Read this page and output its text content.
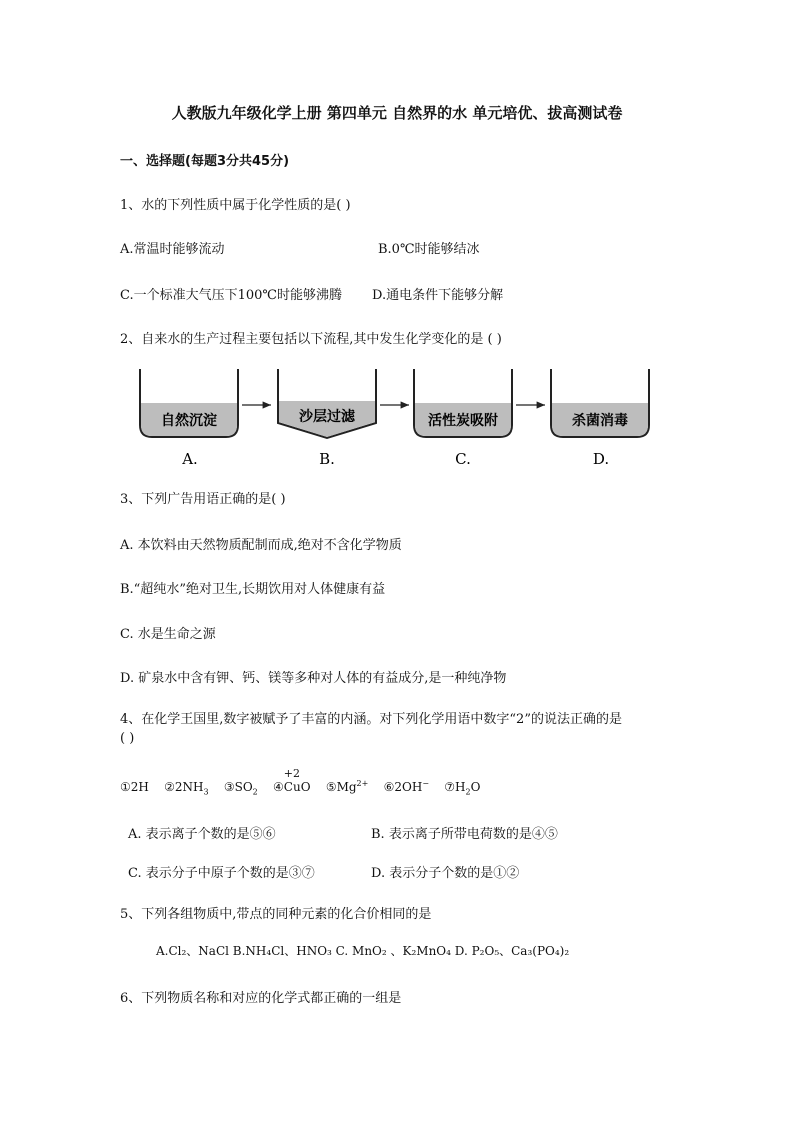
人教版九年级化学上册 第四单元 自然界的水 单元培优、拔高测试卷
一、选择题(每题3分共45分)
1、水的下列性质中属于化学性质的是( )
A.常温时能够流动	B.0℃时能够结冰
C.一个标准大气压下100℃时能够沸腾 D.通电条件下能够分解
2、自来水的生产过程主要包括以下流程,其中发生化学变化的是 ( )
自然沉淀	沙层过滤	活性炭吸附	杀菌消毒
A.	B.	C.	D.
3、下列广告用语正确的是( )
A. 本饮料由天然物质配制而成,绝对不含化学物质
B.“超纯水”绝对卫生,长期饮用对人体健康有益
C. 水是生命之源
D. 矿泉水中含有钾、钙、镁等多种对人体的有益成分,是一种纯净物
4、在化学王国里,数字被赋予了丰富的内涵。对下列化学用语中数字“2”的说法正确的是
( )
①2H $②2NH_3$ $③SO_2$ ④
+2
CuO $⑤Mg^{2+}$ ⑥2OH− $⑦H_2O$
A. 表示离子个数的是⑤⑥	B. 表示离子所带电荷数的是④⑤
C. 表示分子中原子个数的是③⑦	D. 表示分子个数的是①②
5、下列各组物质中,带点的同种元素的化合价相同的是
A.Cl₂、NaCl B.NH₄Cl、HNO₃ C. MnO₂ 、K₂MnO₄ D. P₂O₅、Ca₃(PO₄)₂
6、下列物质名称和对应的化学式都正确的一组是
